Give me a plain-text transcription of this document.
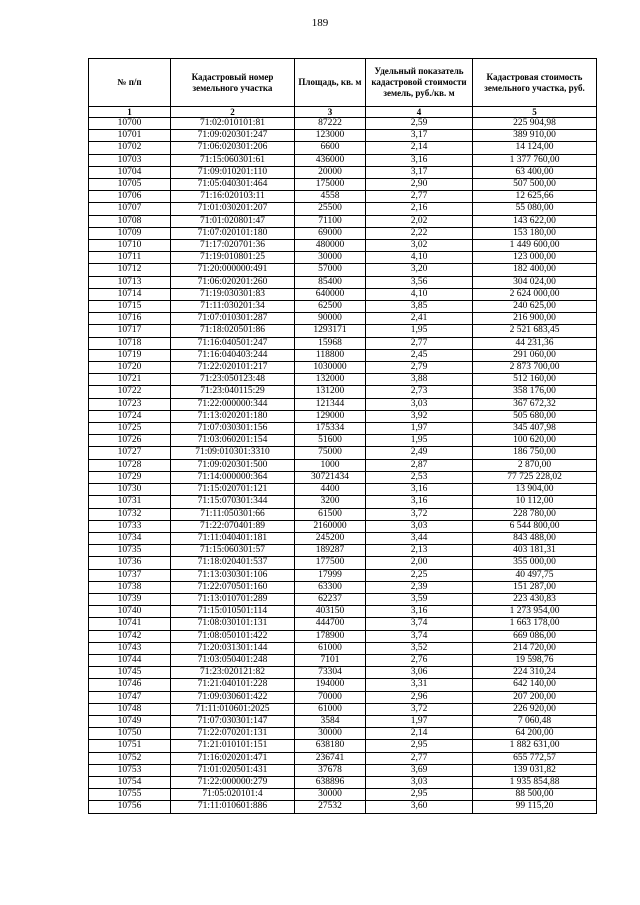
189
№ п/п	Кадастровый номер земельного участка	Площадь, кв. м	Удельный показатель кадастровой стоимости земель, руб./кв. м	Кадастровая стоимость земельного участка, руб.
1	2	3	4	5
10700	71:02:010101:81	87222	2,59	225 904,98
10701	71:09:020301:247	123000	3,17	389 910,00
10702	71:06:020301:206	6600	2,14	14 124,00
10703	71:15:060301:61	436000	3,16	1 377 760,00
10704	71:09:010201:110	20000	3,17	63 400,00
10705	71:05:040301:464	175000	2,90	507 500,00
10706	71:16:020103:11	4558	2,77	12 625,66
10707	71:01:030201:207	25500	2,16	55 080,00
10708	71:01:020801:47	71100	2,02	143 622,00
10709	71:07:020101:180	69000	2,22	153 180,00
10710	71:17:020701:36	480000	3,02	1 449 600,00
10711	71:19:010801:25	30000	4,10	123 000,00
10712	71:20:000000:491	57000	3,20	182 400,00
10713	71:06:020201:260	85400	3,56	304 024,00
10714	71:19:030301:83	640000	4,10	2 624 000,00
10715	71:11:030201:34	62500	3,85	240 625,00
10716	71:07:010301:287	90000	2,41	216 900,00
10717	71:18:020501:86	1293171	1,95	2 521 683,45
10718	71:16:040501:247	15968	2,77	44 231,36
10719	71:16:040403:244	118800	2,45	291 060,00
10720	71:22:020101:217	1030000	2,79	2 873 700,00
10721	71:23:050123:48	132000	3,88	512 160,00
10722	71:23:040115:29	131200	2,73	358 176,00
10723	71:22:000000:344	121344	3,03	367 672,32
10724	71:13:020201:180	129000	3,92	505 680,00
10725	71:07:030301:156	175334	1,97	345 407,98
10726	71:03:060201:154	51600	1,95	100 620,00
10727	71:09:010301:3310	75000	2,49	186 750,00
10728	71:09:020301:500	1000	2,87	2 870,00
10729	71:14:000000:364	30721434	2,53	77 725 228,02
10730	71:15:020701:121	4400	3,16	13 904,00
10731	71:15:070301:344	3200	3,16	10 112,00
10732	71:11:050301:66	61500	3,72	228 780,00
10733	71:22:070401:89	2160000	3,03	6 544 800,00
10734	71:11:040401:181	245200	3,44	843 488,00
10735	71:15:060301:57	189287	2,13	403 181,31
10736	71:18:020401:537	177500	2,00	355 000,00
10737	71:13:030301:106	17999	2,25	40 497,75
10738	71:22:070501:160	63300	2,39	151 287,00
10739	71:13:010701:289	62237	3,59	223 430,83
10740	71:15:010501:114	403150	3,16	1 273 954,00
10741	71:08:030101:131	444700	3,74	1 663 178,00
10742	71:08:050101:422	178900	3,74	669 086,00
10743	71:20:031301:144	61000	3,52	214 720,00
10744	71:03:050401:248	7101	2,76	19 598,76
10745	71:23:020121:82	73304	3,06	224 310,24
10746	71:21:040101:228	194000	3,31	642 140,00
10747	71:09:030601:422	70000	2,96	207 200,00
10748	71:11:010601:2025	61000	3,72	226 920,00
10749	71:07:030301:147	3584	1,97	7 060,48
10750	71:22:070201:131	30000	2,14	64 200,00
10751	71:21:010101:151	638180	2,95	1 882 631,00
10752	71:16:020201:471	236741	2,77	655 772,57
10753	71:01:020501:431	37678	3,69	139 031,82
10754	71:22:000000:279	638896	3,03	1 935 854,88
10755	71:05:020101:4	30000	2,95	88 500,00
10756	71:11:010601:886	27532	3,60	99 115,20
